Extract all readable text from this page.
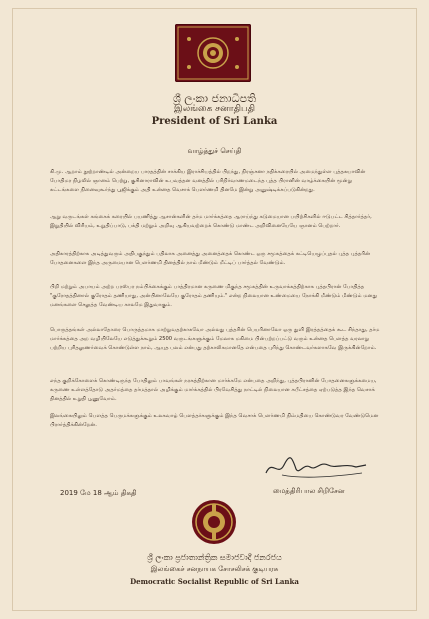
ශ්‍රී ලංකා ජනාධිපති
இலங்கை சனாதிபதி
President of Sri Lanka
வாழ்த்துச் செய்தி
கி.மு. ஆறாம் நூற்றாண்டில் அன்றைய பாரதத்தின் சாக்கிய இராச்சியத்தில் பிறந்து, நிரஞ்சனா நதிக்கரையில் அமைந்துள்ள புத்தகயாவின் போதிமர நிழலில் ஞானம் பெற்று, குசினாராவின் உபவத்தன வனத்தில் பரிநிர்வாணமடைந்த புத்த பிரானின் வாழ்க்கையின் மூன்று கட்டங்களை நினைவுகூர்ந்து பூஜிக்கும் அதி உன்னத வெசாக் பௌர்ணமி தினமே இன்று அனுஷ்டிக்கப்படுகின்றது.
ஆறு வருடங்கள் கங்கைக் கரையில் பயணித்து ஆசான்களின் தர்ம மார்க்கத்தை ஆராய்ந்து கடுமையான பயிற்சிகளில் ஈடுபட்ட சித்தார்த்தர், இறுதியில் விரியம், உறுதிப்பாடு, பக்தி மற்றும் அறிவு ஆகியவற்றைக் கொண்டு மாண்ட அறிவினையேயே ஞானம் பெற்றார்.
அதிகாரத்திற்காக அடித்துவரும் அதிபகுந்தும் பதிலாக அனைத்து அனைத்தைக் கொண்ட ஒரு சமூகத்தைக் கட்டியெழுப்புதல் புத்த புத்தரின் போதனைகளை இந்த அருமையான பௌர்ணமி தினத்தில் நாம் மீண்டும் மீட்டிப் பார்த்தல் வேண்டும்.
பிறி மற்றும் அபாயம் அற்ற பரஸ்பர நம்பிக்கைக்கும் பாத்திரமான கருணை மிகுந்த சமூகத்தின் உருவாக்கத்திற்காக புத்தபிரான் போதித்த "குரோதத்தினால் குரோதம் தணியாது, அன்பினாலேயே குரோதம் தணியும்." என்ற நிலையான உண்மையை நோக்கி மீண்டும் மீண்டும் மனது மனங்களை செலுத்த வேண்டிய காலமே இதுவாகும்.
பொருத்தங்கள் அல்லாதோரை பொருத்தமாக மாற்றுவதற்காகவோ அல்லது புத்தரின் பெயரினாலோ ஒரு துளி இரத்தத்தைக் கூட சிந்தாது, தர்ம மார்க்கத்தை அற வழியிலேயே எடுத்துக்கூறும் 2500 வருடங்களுக்கும் மேலாக மகிமை பின்பற்றப்பட்டு வரும் உன்னத பௌத்த வரலாறு பற்றிய புரிதலுணர்வைக் கொண்டுள்ள நாம், ஆயுத பலம் என்பது தற்காலிகமானதே என்பதை புரிந்து கொண்டவர்களாகவே இருக்கின்றோம்.
எந்த குறிக்கோளைக் கொண்டிருந்த போதிலும் பாவங்கள் நரகத்திற்கான மார்க்கமே என்பதை அறிந்து, புத்தபிரானின் போதனைகளுக்கமைய, கருணை உள்ளத்தோடு அதர்மத்தை தர்மத்தால் அழிக்கும் மார்க்கத்தில் பிரவேசித்து நாட்டில் நிலையான சுபீட்சத்தை ஏற்படுத்த இந்த வெசாக் தினத்தில் உறுதி பூணுவோம்.
இலங்கையிலும் பௌத்த பெருமக்களுக்கும் உலகவாழ் பௌத்தர்களுக்கும் இந்த வெசாக் பௌர்ணமி நிம்மதியை கொண்டுவர வேண்டுமென பிரார்த்திக்கின்றேன்.
2019 மே 18 ஆம் திகதி	மைத்திரிபால சிறிசேன
ශ්‍රී ලංකා ප්‍රජාතාන්ත්‍රික සමාජවාදී ජනරජය
இலங்கைச் சனநாயக சோசலிசக் குடியரசு
Democratic Socialist Republic of Sri Lanka
